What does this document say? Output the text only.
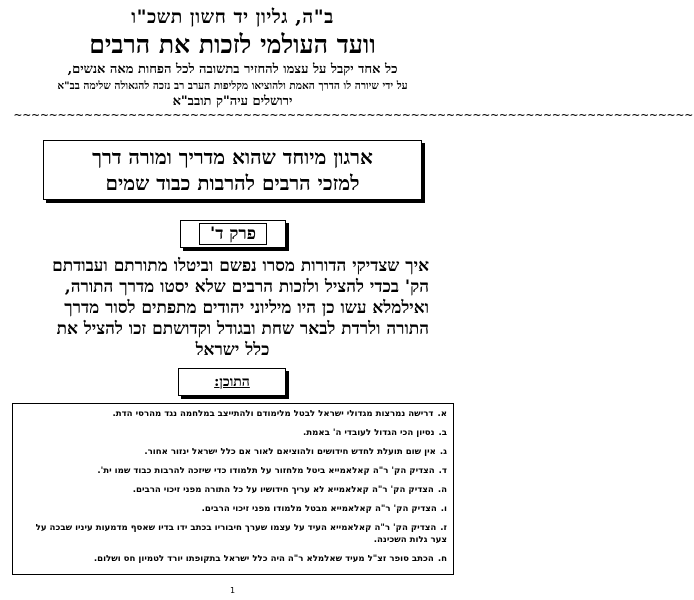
ב"ה, גליון יד חשון תשכ"ו
וועד העולמי לזכות את הרבים
כל אחד יקבל על עצמו להחזיר בתשובה לכל הפחות מאה אנשים,
על ידי שיורה לו הדרך האמת ולהוציאו מקליפות הערב רב נזכה להגאולה שלימה בב"א
ירושלים עיה"ק תובב"א
~~~~~~~~~~~~~~~~~~~~~~~~~~~~~~~~~~~~~~~~~~~~~~~~~~~~~~~~~~~~~~~~~~~~~~~~~~~~~
ארגון מיוחד שהוא מדריך ומורה דרך
למזכי הרבים להרבות כבוד שמים
פרק ד'
איך שצדיקי הדורות מסרו נפשם וביטלו מתורתם ועבודתם הק' בכדי להציל ולזכות הרבים שלא יסטו מדרך התורה, ואילמלא עשו כן היו מיליוני יהודים מתפתים לסור מדרך התורה ולרדת לבאר שחת ובגודל וקדושתם זכו להציל את כלל ישראל
התוכן:
א.דרישה נמרצות מגדולי ישראל לבטל מלימודם ולהתייצב במלחמה נגד מהרסי הדת.
ב.נסיון הכי הגדול לעובדי ה' באמת.
ג.אין שום תועלת לחדש חידושים ולהוציאם לאור אם כלל ישראל ינזור אחור.
ד.הצדיק הק' ר"ה קאלאמייא ביטל מלחזור על תלמודו כדי שיזכה להרבות כבוד שמו ית'.
ה.הצדיק הק' ר"ה קאלאמייא לא עריך חידושיו על כל התורה מפני זיכוי הרבים.
ו.הצדיק הק' ר"ה קאלאמייא מבטל מלמודו מפני זיכוי הרבים.
ז.הצדיק הק' ר"ה קאלאמייא העיד על עצמו שערך חיבוריו בכתב ידו בדיו שאסף מדמעות עיניו שבכה על צער גלות השכינה.
ח.הכתב סופר זצ"ל מעיד שאלמלא ר"ה היה כלל ישראל בתקופתו יורד לטמיון חס ושלום.
1
